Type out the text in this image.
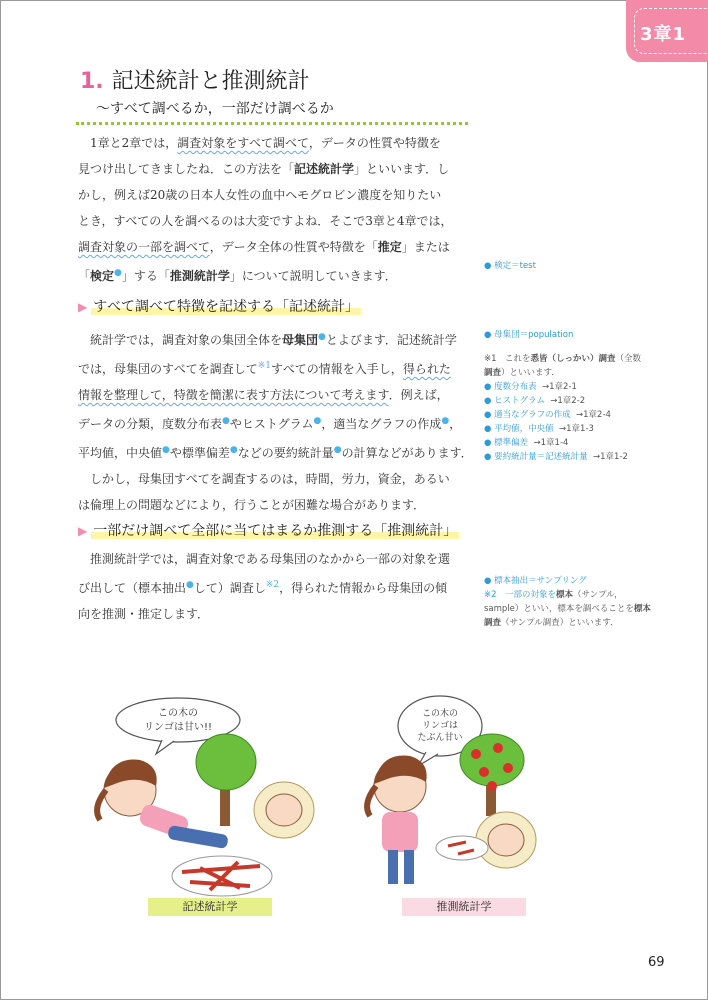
3章1
1. 記述統計と推測統計
～すべて調べるか，一部だけ調べるか
1章と2章では，調査対象をすべて調べて，データの性質や特徴を
見つけ出してきましたね．この方法を「記述統計学」といいます．し
かし，例えば20歳の日本人女性の血中ヘモグロビン濃度を知りたい
とき，すべての人を調べるのは大変ですよね．そこで3章と4章では，
調査対象の一部を調べて，データ全体の性質や特徴を「推定」または
「検定●」する「推測統計学」について説明していきます．
▶ すべて調べて特徴を記述する「記述統計」
統計学では，調査対象の集団全体を母集団●とよびます．記述統計学
では，母集団のすべてを調査して$^{※1}$すべての情報を入手し，得られた
情報を整理して，特徴を簡潔に表す方法について考えます．例えば，
データの分類，度数分布表●やヒストグラム●，適当なグラフの作成●，
平均値，中央値●や標準偏差●などの要約統計量●の計算などがあります．
しかし，母集団すべてを調査するのは，時間，労力，資金，あるい
は倫理上の問題などにより，行うことが困難な場合があります．
▶ 一部だけ調べて全部に当てはまるか推測する「推測統計」
推測統計学では，調査対象である母集団のなかから一部の対象を選
び出して（標本抽出●して）調査し$^{※2}$，得られた情報から母集団の傾
向を推測・推定します．
● 検定＝test
● 母集団＝population
※1　これを悉皆（しっかい）調査（全数
調査）といいます．
● 度数分布表 →1章2-1
● ヒストグラム →1章2-2
● 適当なグラフの作成 →1章2-4
● 平均値，中央値 →1章1-3
● 標準偏差 →1章1-4
● 要約統計量＝記述統計量 →1章1-2
● 標本抽出＝サンプリング
※2　一部の対象を標本（サンプル，
sample）といい，標本を調べることを標本
調査（サンプル調査）といいます．
この木の
リンゴは甘い!!
この木の
リンゴは
たぶん甘い
記述統計学	推測統計学
69
